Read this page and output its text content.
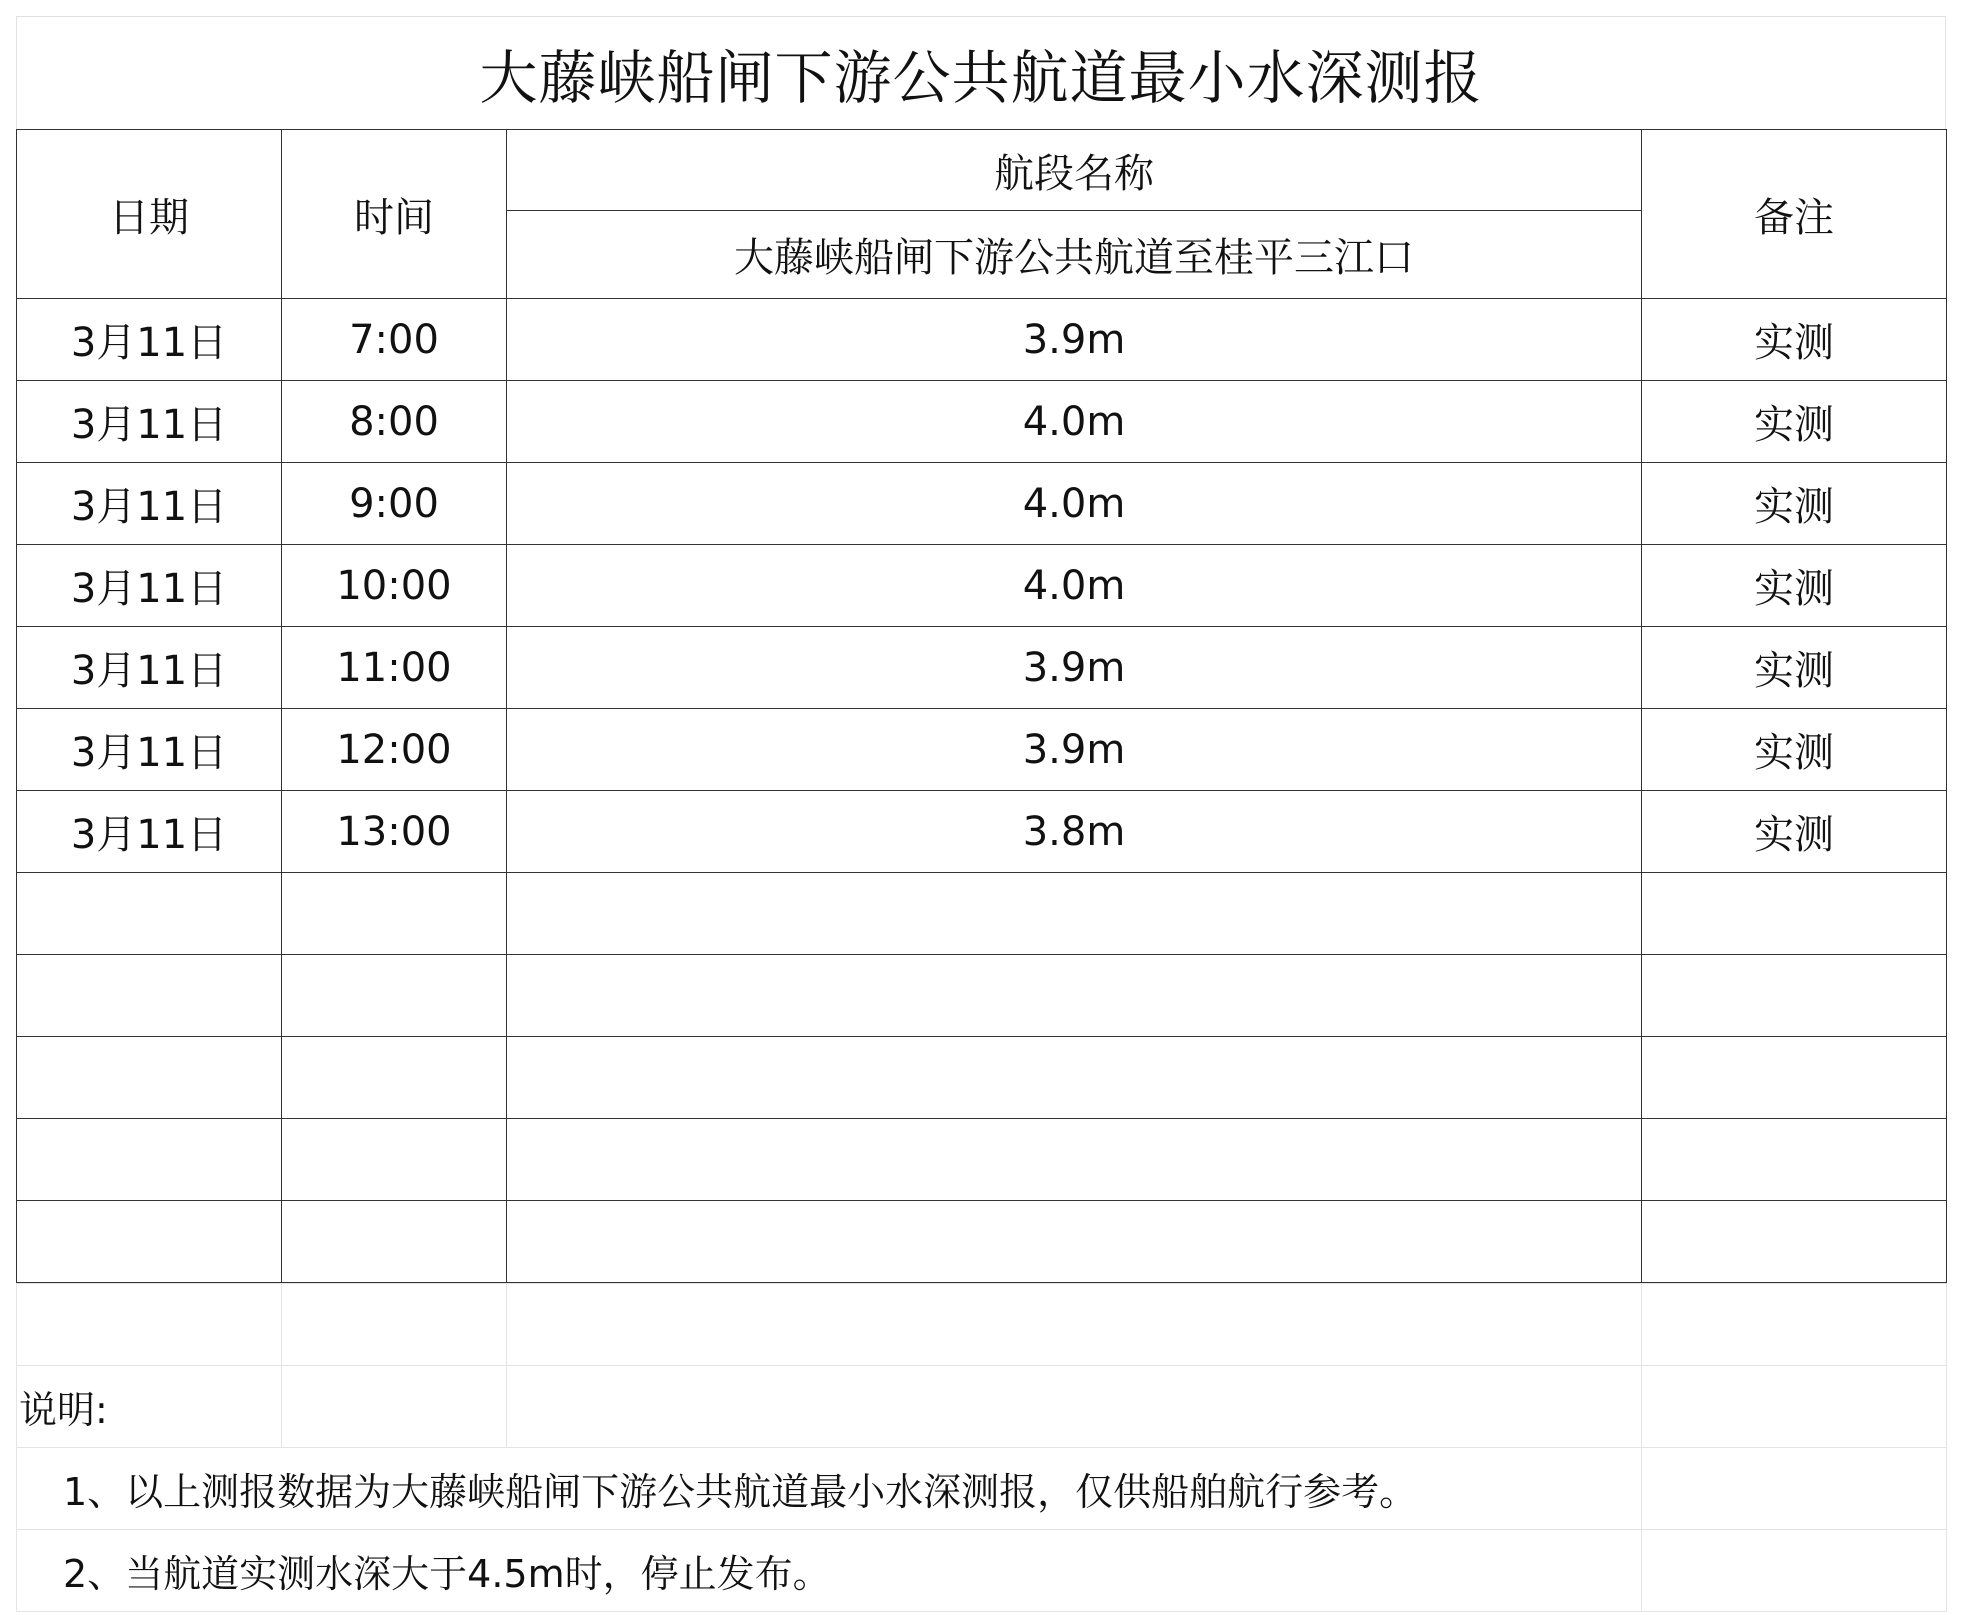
大藤峡船闸下游公共航道最小水深测报
日期	时间	航段名称	备注
		大藤峡船闸下游公共航道至桂平三江口	
3月11日	7:00	3.9m	实测
3月11日	8:00	4.0m	实测
3月11日	9:00	4.0m	实测
3月11日	10:00	4.0m	实测
3月11日	11:00	3.9m	实测
3月11日	12:00	3.9m	实测
3月11日	13:00	3.8m	实测

说明:			
1、以上测报数据为大藤峡船闸下游公共航道最小水深测报，仅供船舶航行参考。			
2、当航道实测水深大于4.5m时，停止发布。			
